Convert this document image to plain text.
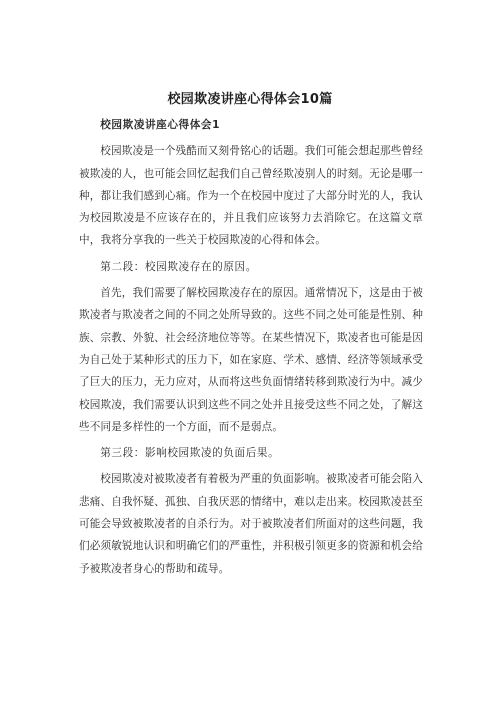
校园欺凌讲座心得体会10篇

校园欺凌讲座心得体会1

校园欺凌是一个残酷而又刻骨铭心的话题。我们可能会想起那些曾经被欺凌的人，也可能会回忆起我们自己曾经欺凌别人的时刻。无论是哪一种，都让我们感到心痛。作为一个在校园中度过了大部分时光的人，我认为校园欺凌是不应该存在的，并且我们应该努力去消除它。在这篇文章中，我将分享我的一些关于校园欺凌的心得和体会。

第二段：校园欺凌存在的原因。

首先，我们需要了解校园欺凌存在的原因。通常情况下，这是由于被欺凌者与欺凌者之间的不同之处所导致的。这些不同之处可能是性别、种族、宗教、外貌、社会经济地位等等。在某些情况下，欺凌者也可能是因为自己处于某种形式的压力下，如在家庭、学术、感情、经济等领域承受了巨大的压力，无力应对，从而将这些负面情绪转移到欺凌行为中。减少校园欺凌，我们需要认识到这些不同之处并且接受这些不同之处，了解这些不同是多样性的一个方面，而不是弱点。

第三段：影响校园欺凌的负面后果。

校园欺凌对被欺凌者有着极为严重的负面影响。被欺凌者可能会陷入悲痛、自我怀疑、孤独、自我厌恶的情绪中，难以走出来。校园欺凌甚至可能会导致被欺凌者的自杀行为。对于被欺凌者们所面对的这些问题，我们必须敏锐地认识和明确它们的严重性，并积极引领更多的资源和机会给予被欺凌者身心的帮助和疏导。
